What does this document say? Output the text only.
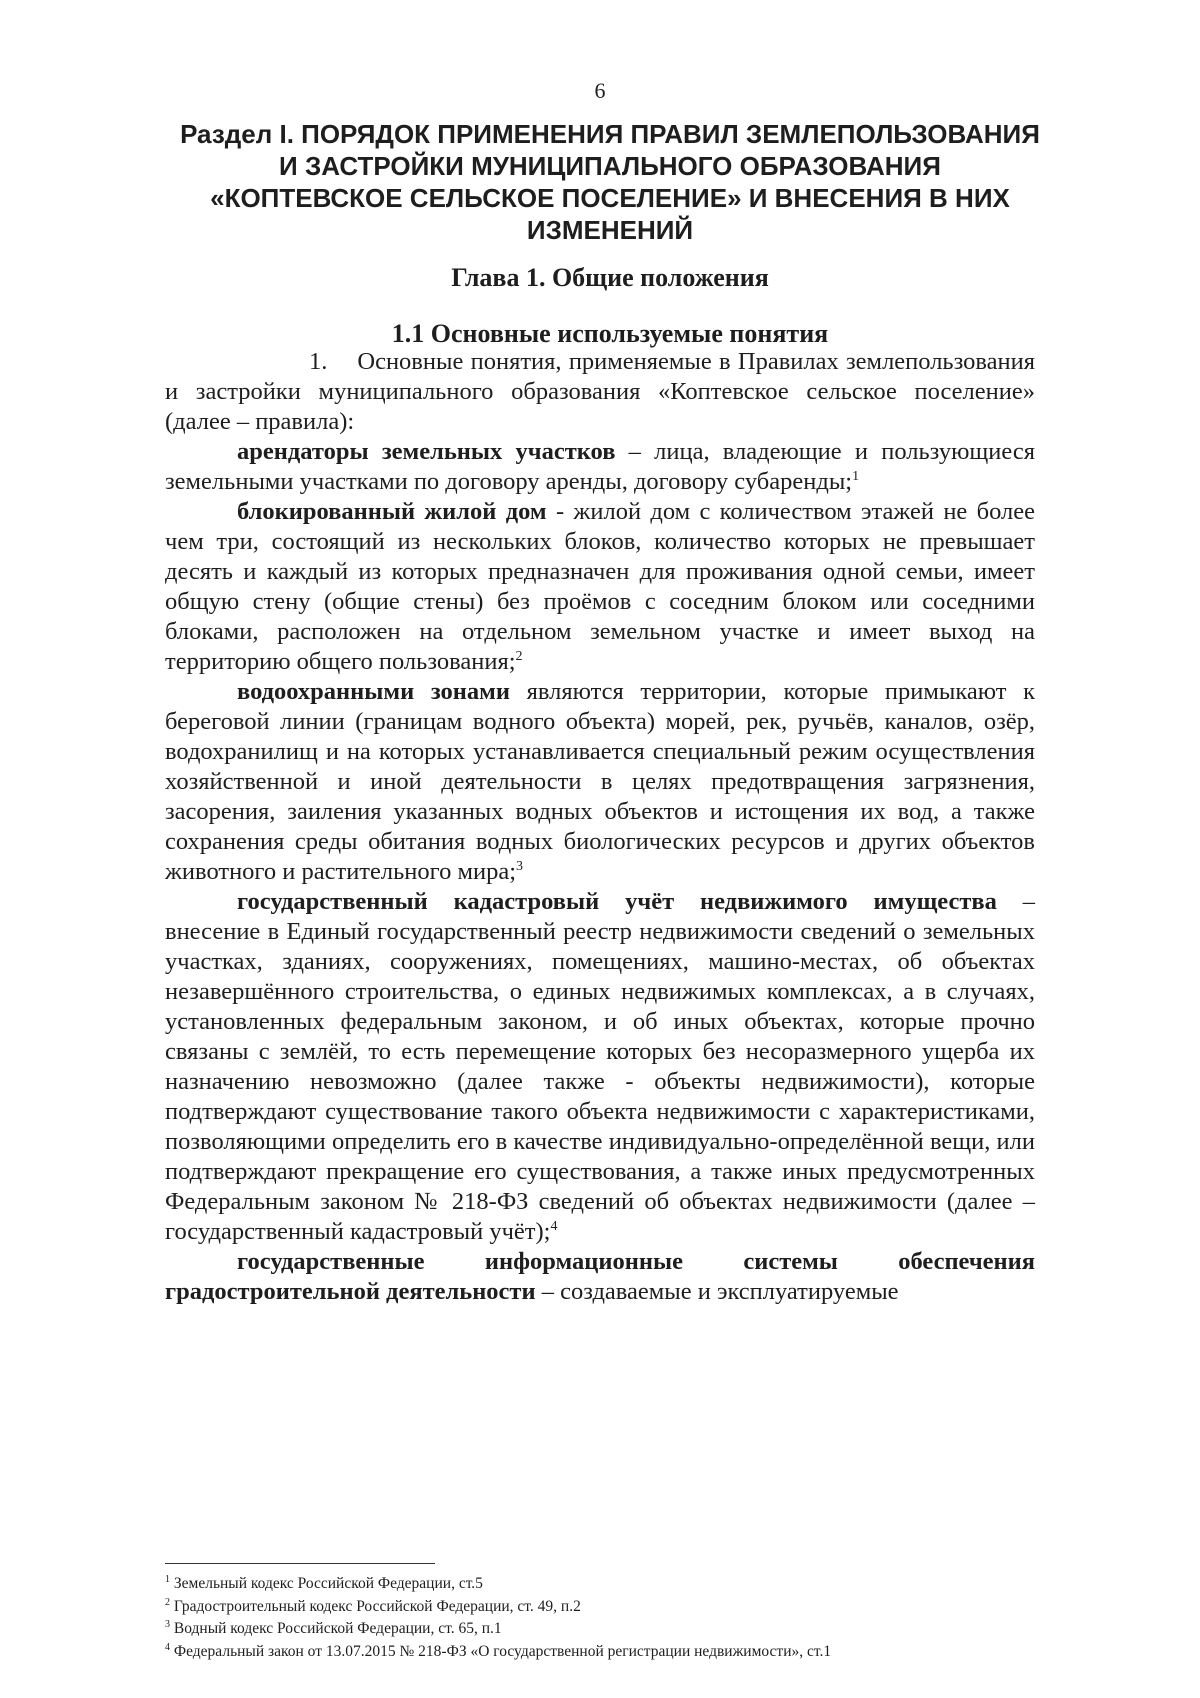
6
Раздел I. ПОРЯДОК ПРИМЕНЕНИЯ ПРАВИЛ ЗЕМЛЕПОЛЬЗОВАНИЯ
И ЗАСТРОЙКИ МУНИЦИПАЛЬНОГО ОБРАЗОВАНИЯ
«КОПТЕВСКОЕ СЕЛЬСКОЕ ПОСЕЛЕНИЕ» И ВНЕСЕНИЯ В НИХ
ИЗМЕНЕНИЙ
Глава 1. Общие положения
1.1 Основные используемые понятия

1. Основные понятия, применяемые в Правилах землепользования и застройки муниципального образования «Коптевское сельское поселение» (далее – правила):

арендаторы земельных участков – лица, владеющие и пользующиеся земельными участками по договору аренды, договору субаренды;$^1$

блокированный жилой дом - жилой дом с количеством этажей не более чем три, состоящий из нескольких блоков, количество которых не превышает десять и каждый из которых предназначен для проживания одной семьи, имеет общую стену (общие стены) без проёмов с соседним блоком или соседними блоками, расположен на отдельном земельном участке и имеет выход на территорию общего пользования;$^2$

водоохранными зонами являются территории, которые примыкают к береговой линии (границам водного объекта) морей, рек, ручьёв, каналов, озёр, водохранилищ и на которых устанавливается специальный режим осуществления хозяйственной и иной деятельности в целях предотвращения загрязнения, засорения, заиления указанных водных объектов и истощения их вод, а также сохранения среды обитания водных биологических ресурсов и других объектов животного и растительного мира;$^3$

государственный кадастровый учёт недвижимого имущества – внесение в Единый государственный реестр недвижимости сведений о земельных участках, зданиях, сооружениях, помещениях, машино-местах, об объектах незавершённого строительства, о единых недвижимых комплексах, а в случаях, установленных федеральным законом, и об иных объектах, которые прочно связаны с землёй, то есть перемещение которых без несоразмерного ущерба их назначению невозможно (далее также - объекты недвижимости), которые подтверждают существование такого объекта недвижимости с характеристиками, позволяющими определить его в качестве индивидуально-определённой вещи, или подтверждают прекращение его существования, а также иных предусмотренных Федеральным законом № 218-ФЗ сведений об объектах недвижимости (далее – государственный кадастровый учёт);$^4$

государственные информационные системы обеспечения градостроительной деятельности – создаваемые и эксплуатируемые

$^1$ Земельный кодекс Российской Федерации, ст.5

$^2$ Градостроительный кодекс Российской Федерации, ст. 49, п.2

$^3$ Водный кодекс Российской Федерации, ст. 65, п.1

$^4$ Федеральный закон от 13.07.2015 № 218-ФЗ «О государственной регистрации недвижимости», ст.1
